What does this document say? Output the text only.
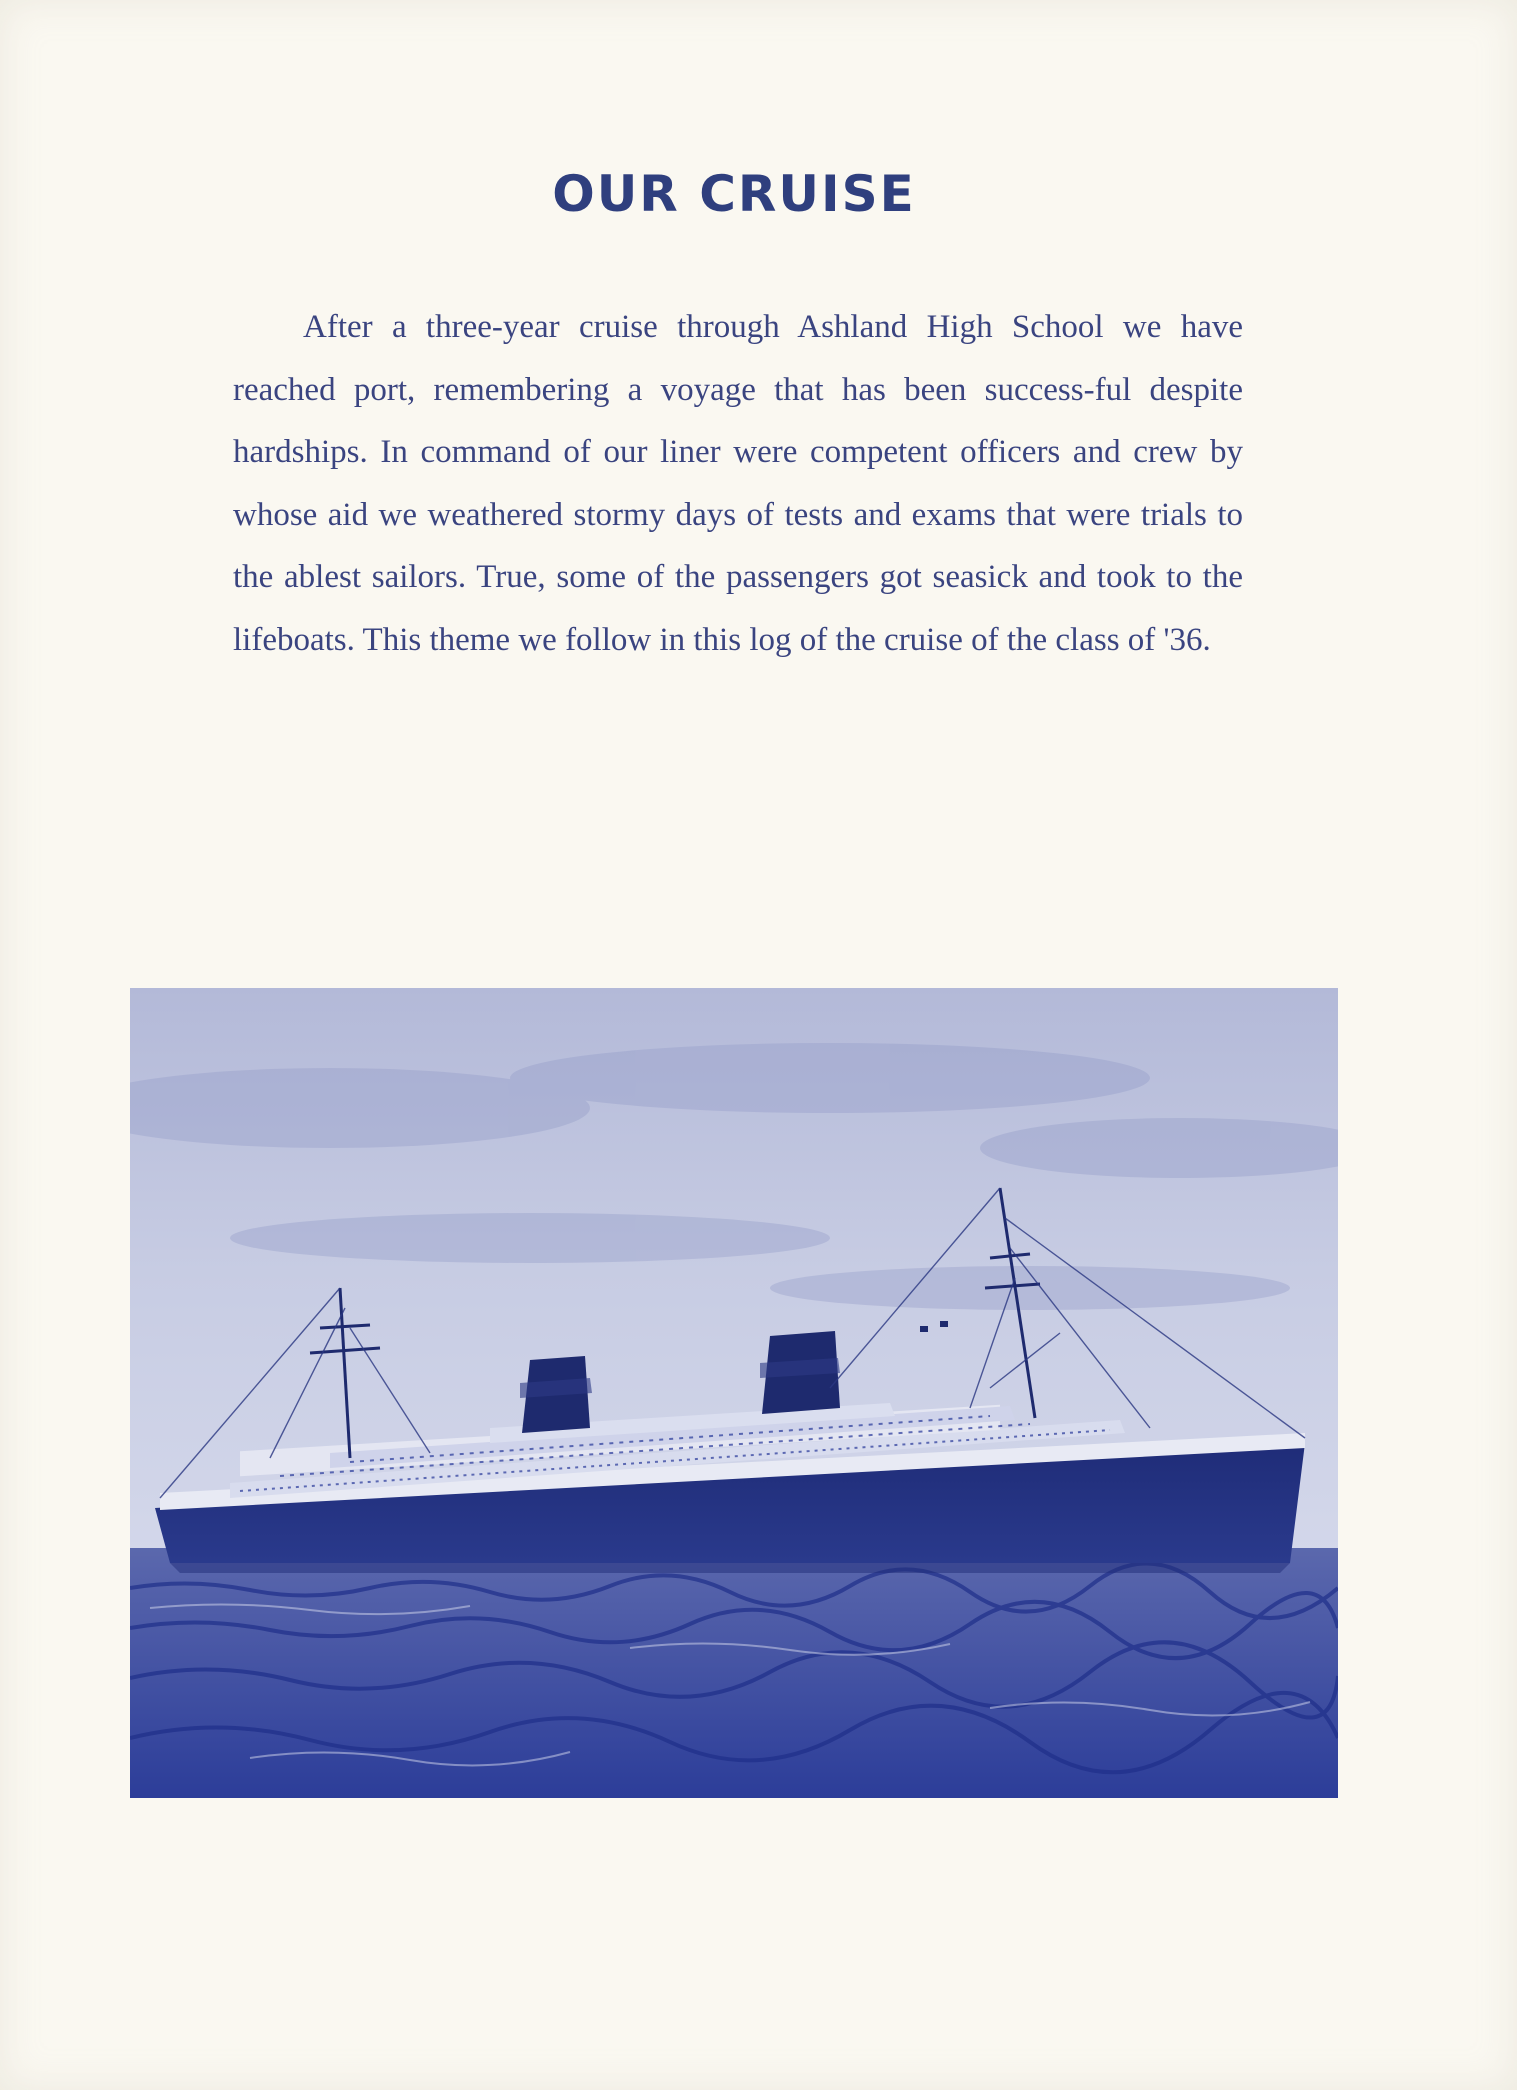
OUR CRUISE

After a three-year cruise through Ashland High School we have reached port, remembering a voyage that has been success-ful despite hardships. In command of our liner were competent officers and crew by whose aid we weathered stormy days of tests and exams that were trials to the ablest sailors. True, some of the passengers got seasick and took to the lifeboats. This theme we follow in this log of the cruise of the class of '36.
